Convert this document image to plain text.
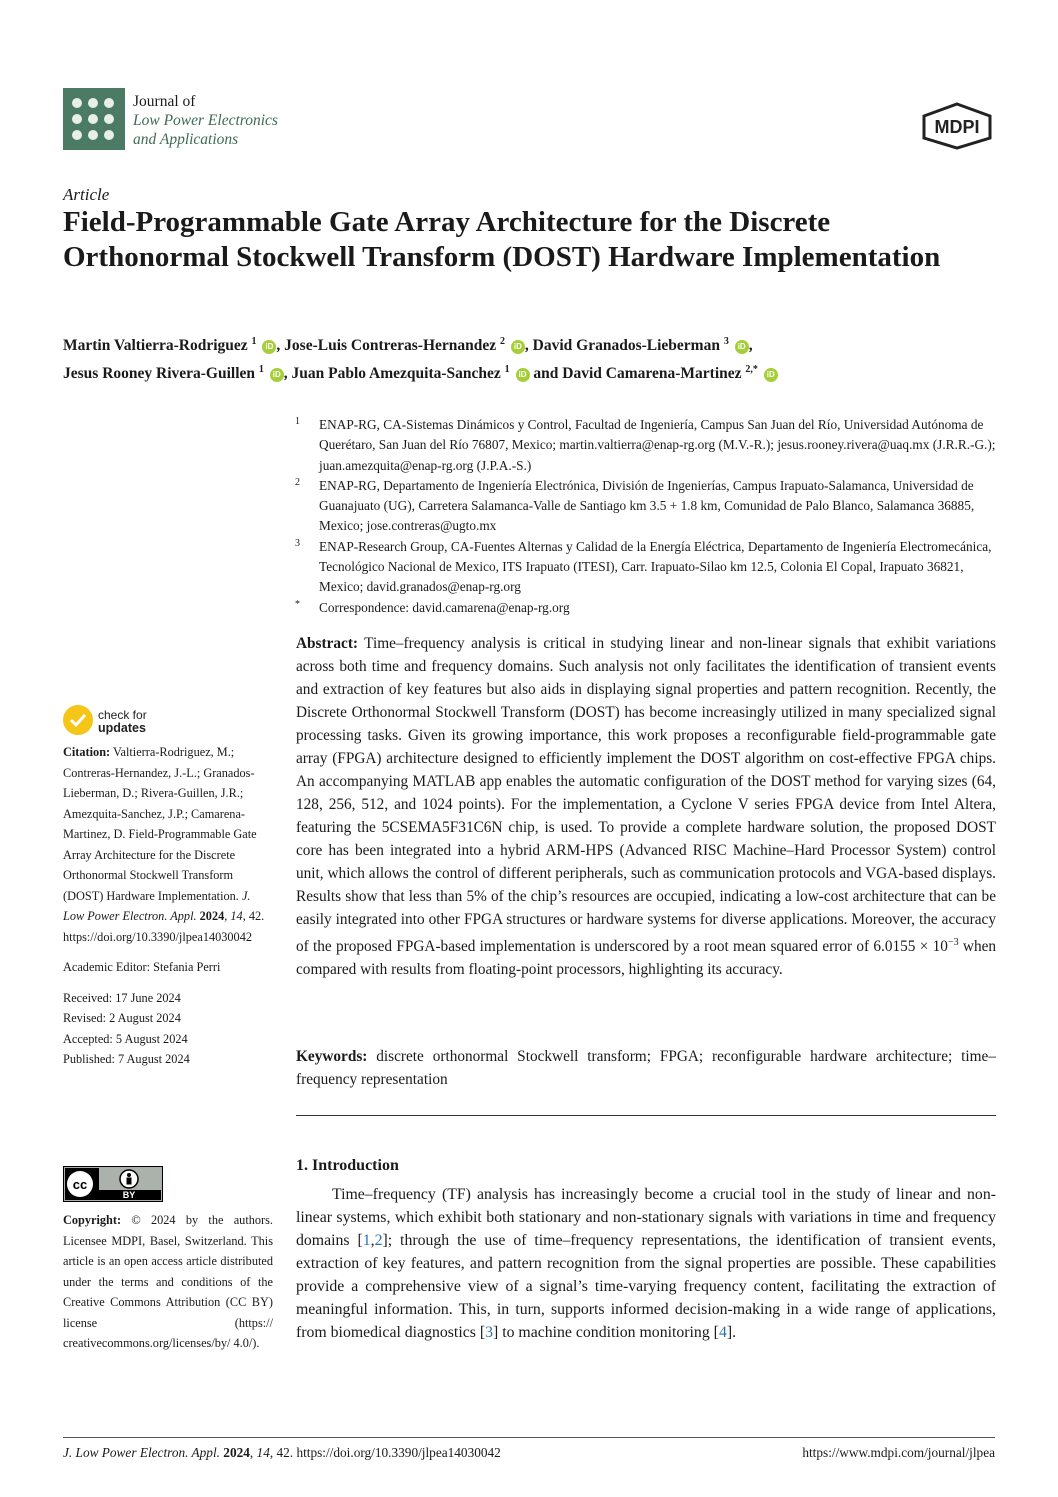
Journal of
Low Power Electronics
and Applications
MDPI
Article
Field-Programmable Gate Array Architecture for the Discrete Orthonormal Stockwell Transform (DOST) Hardware Implementation
Martin Valtierra-Rodriguez $^1$ iD , Jose-Luis Contreras-Hernandez $^2$ iD , David Granados-Lieberman $^3$ iD ,
Jesus Rooney Rivera-Guillen $^1$ iD , Juan Pablo Amezquita-Sanchez $^1$ iD and David Camarena-Martinez $^{2,*}$ iD
1 ENAP-RG, CA-Sistemas Dinámicos y Control, Facultad de Ingeniería, Campus San Juan del Río, Universidad Autónoma de Querétaro, San Juan del Río 76807, Mexico; martin.valtierra@enap-rg.org (M.V.-R.); jesus.rooney.rivera@uaq.mx (J.R.R.-G.); juan.amezquita@enap-rg.org (J.P.A.-S.)
2 ENAP-RG, Departamento de Ingeniería Electrónica, División de Ingenierías, Campus Irapuato-Salamanca, Universidad de Guanajuato (UG), Carretera Salamanca-Valle de Santiago km 3.5 + 1.8 km, Comunidad de Palo Blanco, Salamanca 36885, Mexico; jose.contreras@ugto.mx
3 ENAP-Research Group, CA-Fuentes Alternas y Calidad de la Energía Eléctrica, Departamento de Ingeniería Electromecánica, Tecnológico Nacional de Mexico, ITS Irapuato (ITESI), Carr. Irapuato-Silao km 12.5, Colonia El Copal, Irapuato 36821, Mexico; david.granados@enap-rg.org
* Correspondence: david.camarena@enap-rg.org
Abstract: Time–frequency analysis is critical in studying linear and non-linear signals that exhibit variations across both time and frequency domains. Such analysis not only facilitates the identification of transient events and extraction of key features but also aids in displaying signal properties and pattern recognition. Recently, the Discrete Orthonormal Stockwell Transform (DOST) has become increasingly utilized in many specialized signal processing tasks. Given its growing importance, this work proposes a reconfigurable field-programmable gate array (FPGA) architecture designed to efficiently implement the DOST algorithm on cost-effective FPGA chips. An accompanying MATLAB app enables the automatic configuration of the DOST method for varying sizes (64, 128, 256, 512, and 1024 points). For the implementation, a Cyclone V series FPGA device from Intel Altera, featuring the 5CSEMA5F31C6N chip, is used. To provide a complete hardware solution, the proposed DOST core has been integrated into a hybrid ARM-HPS (Advanced RISC Machine–Hard Processor System) control unit, which allows the control of different peripherals, such as communication protocols and VGA-based displays. Results show that less than 5% of the chip’s resources are occupied, indicating a low-cost architecture that can be easily integrated into other FPGA structures or hardware systems for diverse applications. Moreover, the accuracy of the proposed FPGA-based implementation is underscored by a root mean squared error of $6.0155 \times 10^{-3}$ when compared with results from floating-point processors, highlighting its accuracy.
Keywords: discrete orthonormal Stockwell transform; FPGA; reconfigurable hardware architecture; time–frequency representation
1. Introduction
Time–frequency (TF) analysis has increasingly become a crucial tool in the study of linear and non-linear systems, which exhibit both stationary and non-stationary signals with variations in time and frequency domains [1,2]; through the use of time–frequency representations, the identification of transient events, extraction of key features, and pattern recognition from the signal properties are possible. These capabilities provide a comprehensive view of a signal’s time-varying frequency content, facilitating the extraction of meaningful information. This, in turn, supports informed decision-making in a wide range of applications, from biomedical diagnostics [3] to machine condition monitoring [4].
check for
updates
Citation: Valtierra-Rodriguez, M.; Contreras-Hernandez, J.-L.; Granados-Lieberman, D.; Rivera-Guillen, J.R.; Amezquita-Sanchez, J.P.; Camarena-Martinez, D. Field-Programmable Gate Array Architecture for the Discrete Orthonormal Stockwell Transform (DOST) Hardware Implementation. J. Low Power Electron. Appl. 2024, 14, 42. https://doi.org/10.3390/jlpea14030042
Academic Editor: Stefania Perri
Received: 17 June 2024
Revised: 2 August 2024
Accepted: 5 August 2024
Published: 7 August 2024
cc
BY
Copyright: © 2024 by the authors. Licensee MDPI, Basel, Switzerland. This article is an open access article distributed under the terms and conditions of the Creative Commons Attribution (CC BY) license (https:// creativecommons.org/licenses/by/ 4.0/).
J. Low Power Electron. Appl. 2024, 14, 42. https://doi.org/10.3390/jlpea14030042	https://www.mdpi.com/journal/jlpea
